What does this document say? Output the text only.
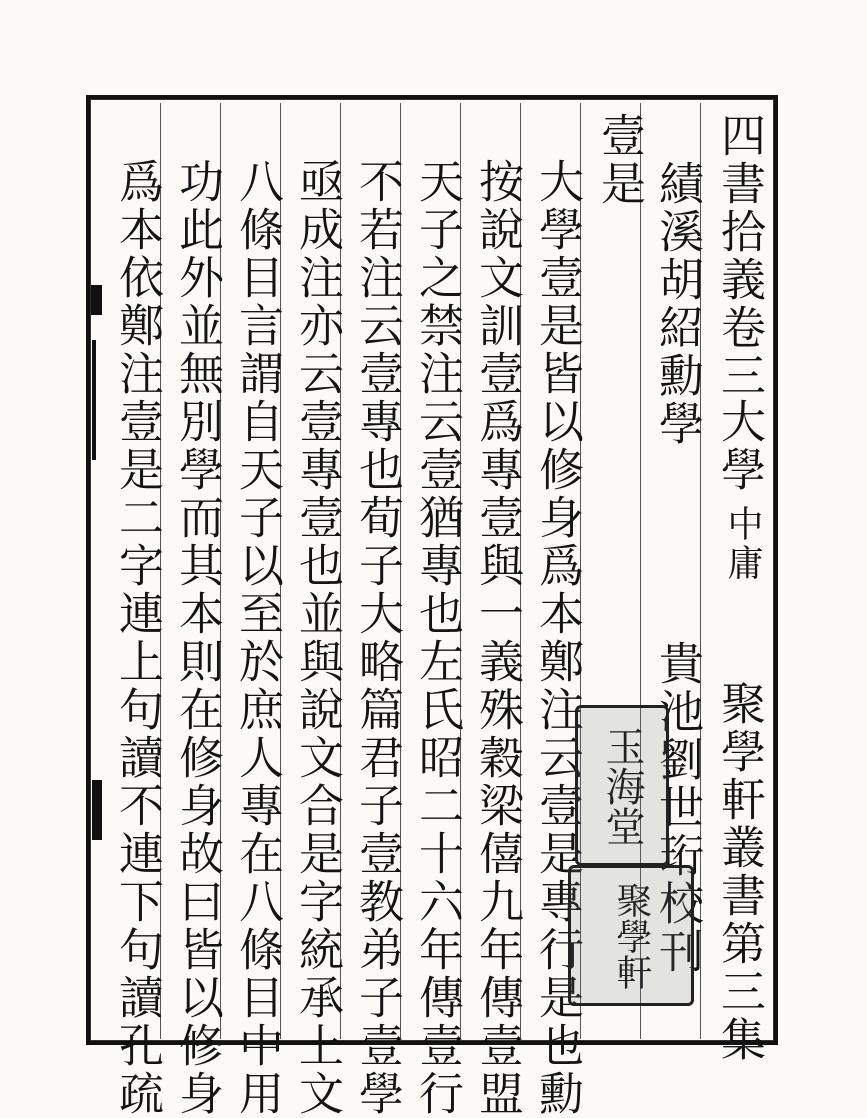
四書拾義卷三
大學
中庸
聚學軒叢書第三集
績溪胡紹勳學
貴池劉世珩校刊
壹是
大學壹是皆以修身爲本鄭注云壹是專行是也勳
按說文訓壹爲專壹與一義殊穀梁僖九年傳壹盟
天子之禁注云壹猶專也左氏昭二十六年傳壹行
不若注云壹專也荀子大略篇君子壹教弟子壹學
亟成注亦云壹專壹也並與說文合是字統承上文
八條目言謂自天子以至於庶人專在八條目中用
功此外並無別學而其本則在修身故曰皆以修身
爲本依鄭注壹是二字連上句讀不連下句讀孔疏	玉海堂
聚學軒
